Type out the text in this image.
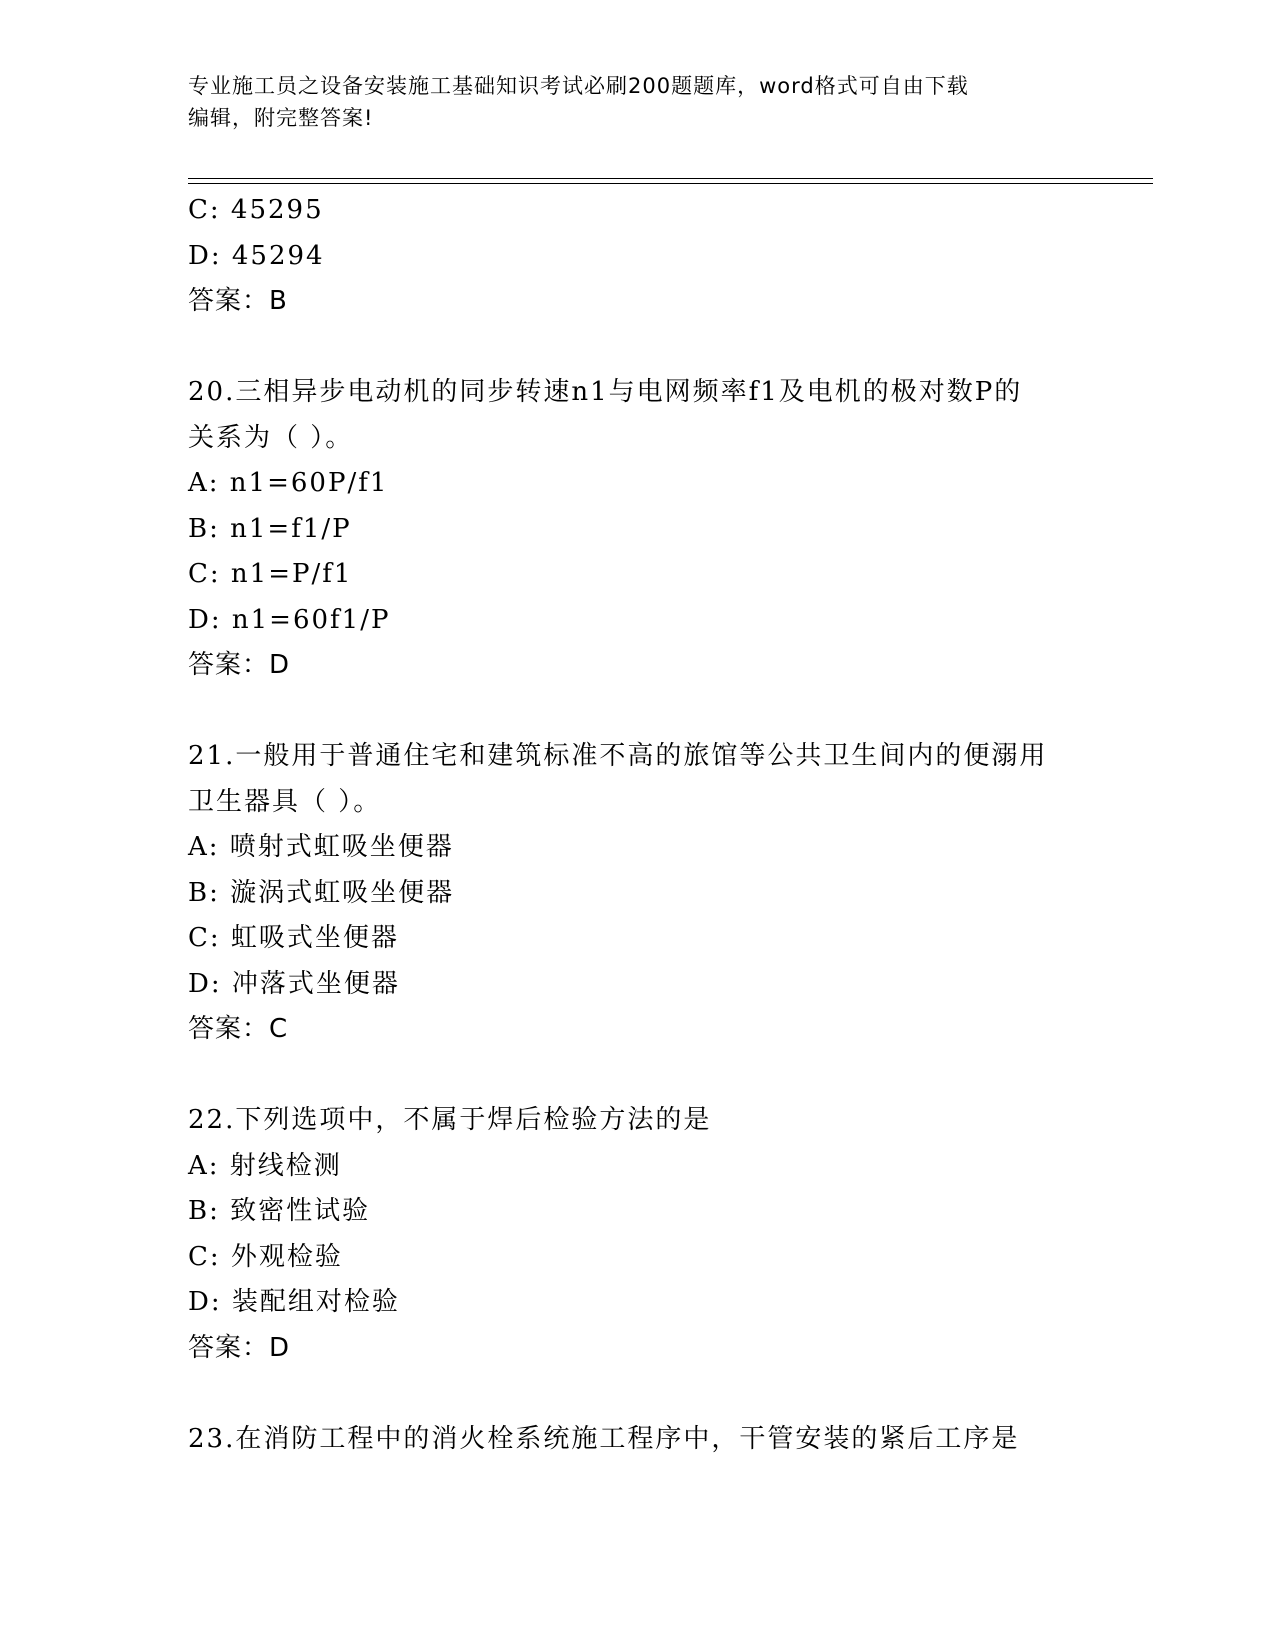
专业施工员之设备安装施工基础知识考试必刷200题题库，word格式可自由下载
编辑，附完整答案!
C: 45295
D: 45294
答案：B
20.三相异步电动机的同步转速n1与电网频率f1及电机的极对数P的
关系为（ ）。
A: n1=60P/f1
B: n1=f1/P
C: n1=P/f1
D: n1=60f1/P
答案：D
21.一般用于普通住宅和建筑标准不高的旅馆等公共卫生间内的便溺用
卫生器具（ ）。
A: 喷射式虹吸坐便器
B: 漩涡式虹吸坐便器
C: 虹吸式坐便器
D: 冲落式坐便器
答案：C
22.下列选项中，不属于焊后检验方法的是
A: 射线检测
B: 致密性试验
C: 外观检验
D: 装配组对检验
答案：D
23.在消防工程中的消火栓系统施工程序中，干管安装的紧后工序是
